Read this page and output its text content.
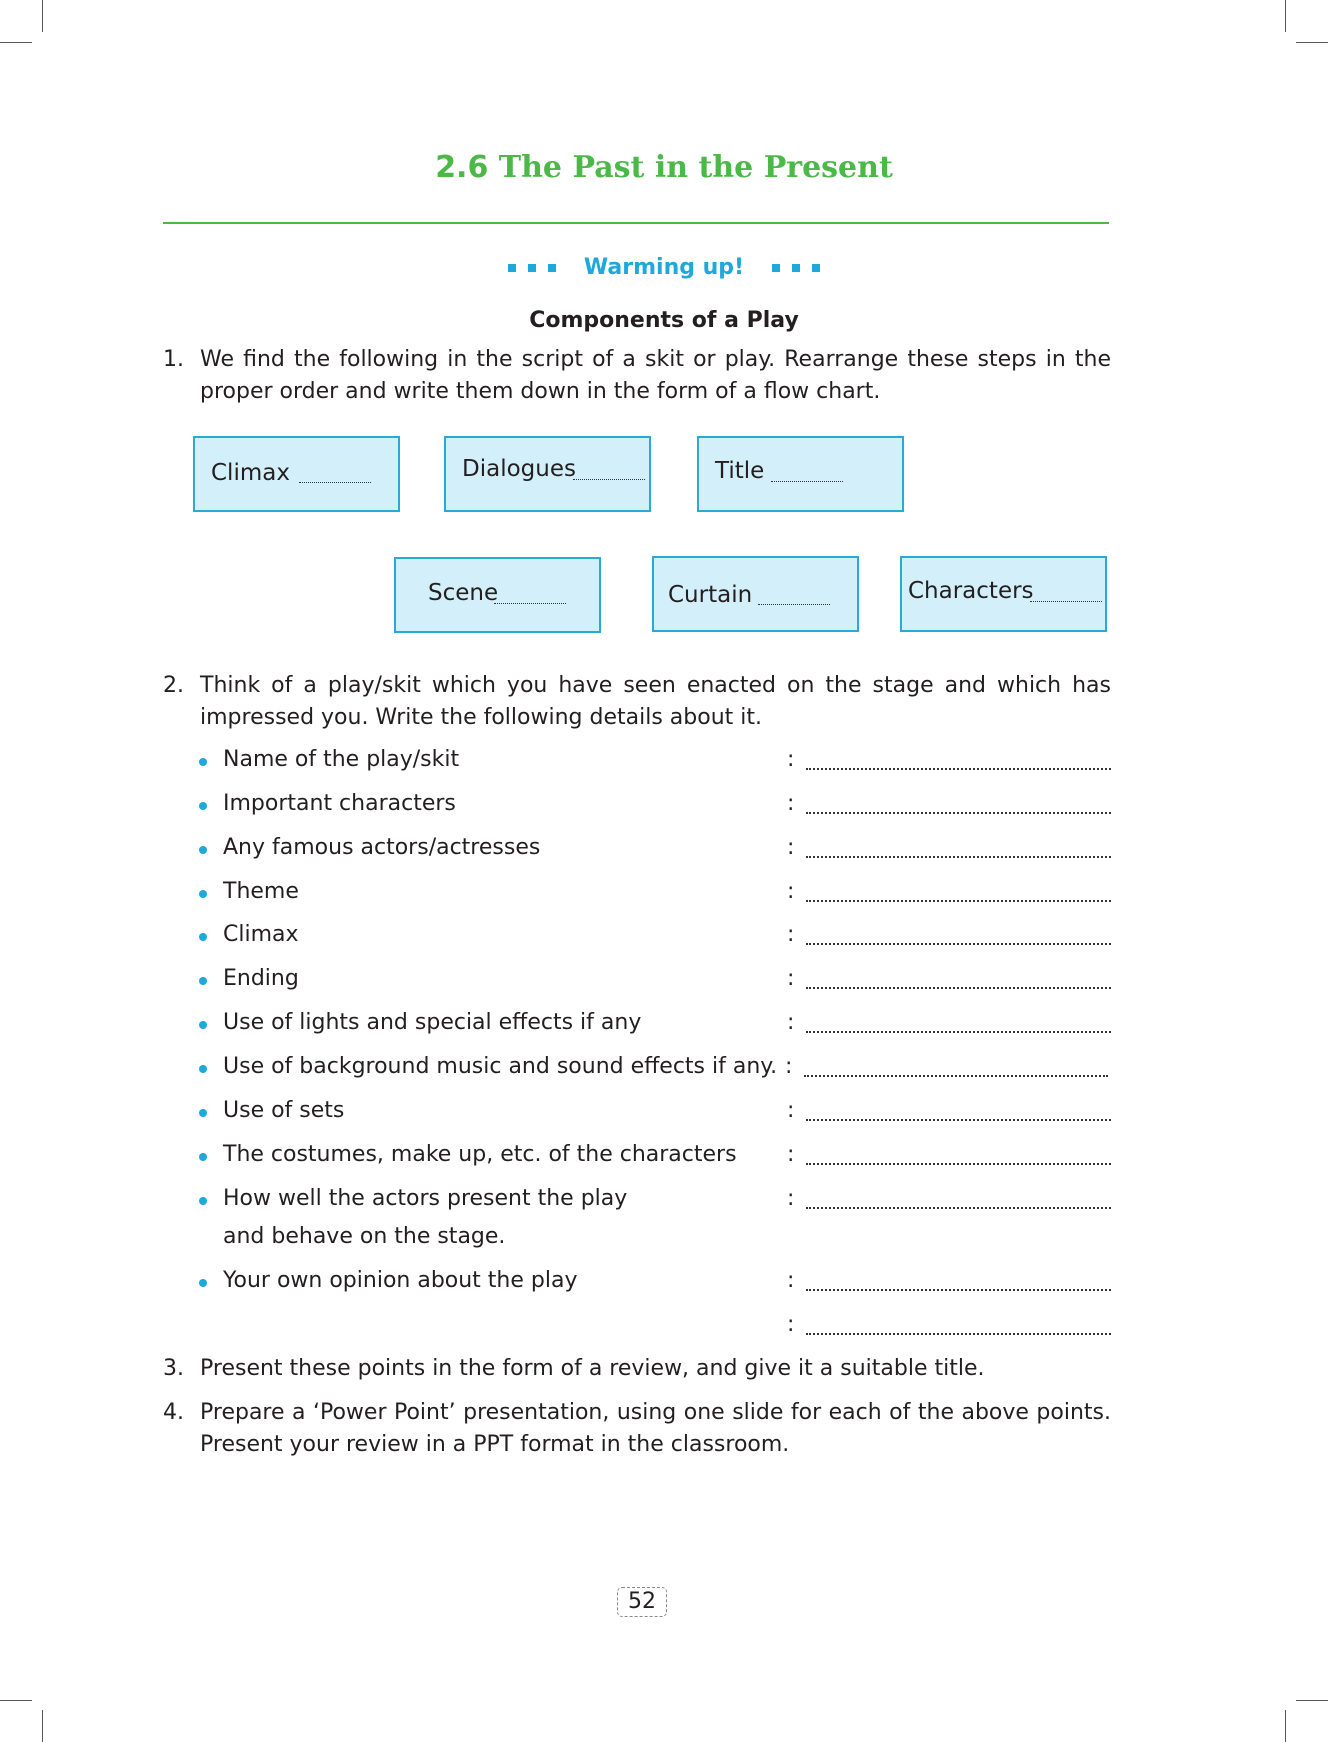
2.6 The Past in the Present
Warming up!
Components of a Play
1. We find the following in the script of a skit or play. Rearrange these steps in the proper order and write them down in the form of a flow chart.
Climax	Dialogues	Title
Scene	Curtain	Characters
2. Think of a play/skit which you have seen enacted on the stage and which has impressed you. Write the following details about it.
Name of the play/skit	:
Important characters	:
Any famous actors/actresses	:
Theme	:
Climax	:
Ending	:
Use of lights and special effects if any	:
Use of background music and sound effects if any. :
Use of sets	:
The costumes, make up, etc. of the characters :
How well the actors present the play	:
and behave on the stage.
Your own opinion about the play	:
:
3. Present these points in the form of a review, and give it a suitable title.
4. Prepare a ‘Power Point’ presentation, using one slide for each of the above points. Present your review in a PPT format in the classroom.
52
